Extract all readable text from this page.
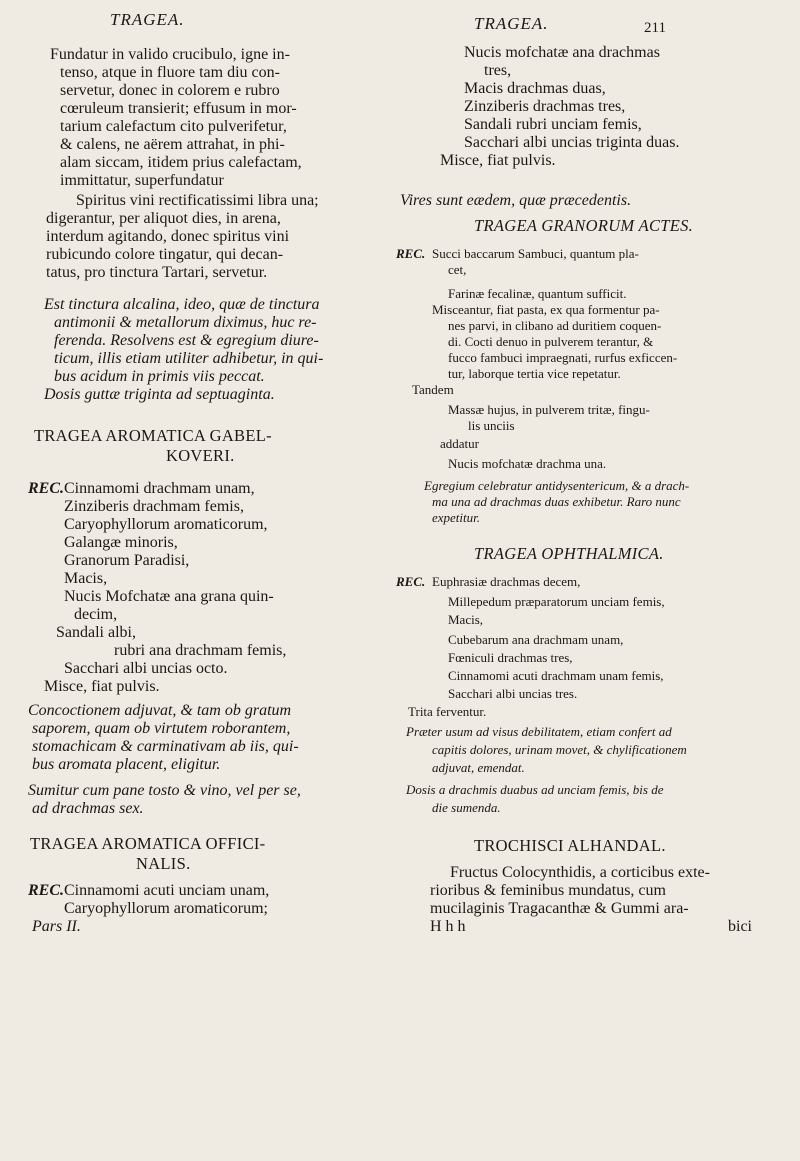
TRAGEA.
Fundatur in valido crucibulo, igne in-
tenso, atque in fluore tam diu con-
servetur, donec in colorem e rubro
cœruleum transierit; effusum in mor-
tarium calefactum cito pulverifetur,
& calens, ne aërem attrahat, in phi-
alam siccam, itidem prius calefactam,
immittatur, superfundatur
Spiritus vini rectificatissimi libra una;
digerantur, per aliquot dies, in arena,
interdum agitando, donec spiritus vini
rubicundo colore tingatur, qui decan-
tatus, pro tinctura Tartari, servetur.
Est tinctura alcalina, ideo, quæ de tinctura
antimonii & metallorum diximus, huc re-
ferenda. Resolvens est & egregium diure-
ticum, illis etiam utiliter adhibetur, in qui-
bus acidum in primis viis peccat.
Dosis guttæ triginta ad septuaginta.
TRAGEA AROMATICA GABEL-
KOVERI.
REC. Cinnamomi drachmam unam,
Zinziberis drachmam femis,
Caryophyllorum aromaticorum,
Galangæ minoris,
Granorum Paradisi,
Macis,
Nucis Mofchatæ ana grana quin-
decim,
Sandali albi,
rubri ana drachmam femis,
Sacchari albi uncias octo.
Misce, fiat pulvis.
Concoctionem adjuvat, & tam ob gratum
saporem, quam ob virtutem roborantem,
stomachicam & carminativam ab iis, qui-
bus aromata placent, eligitur.
Sumitur cum pane tosto & vino, vel per se,
ad drachmas sex.
TRAGEA AROMATICA OFFICI-
NALIS.
REC. Cinnamomi acuti unciam unam,
Caryophyllorum aromaticorum;
Pars II.
TRAGEA.	211
Nucis mofchatæ ana drachmas
tres,
Macis drachmas duas,
Zinziberis drachmas tres,
Sandali rubri unciam femis,
Sacchari albi uncias triginta duas.
Misce, fiat pulvis.
Vires sunt eædem, quæ præcedentis.
TRAGEA GRANORUM ACTES.
REC. Succi baccarum Sambuci, quantum pla-
cet,
Farinæ fecalinæ, quantum sufficit.
Misceantur, fiat pasta, ex qua formentur pa-
nes parvi, in clibano ad duritiem coquen-
di. Cocti denuo in pulverem terantur, &
fucco fambuci impraegnati, rurfus exficcen-
tur, laborque tertia vice repetatur.
Tandem
Massæ hujus, in pulverem tritæ, fingu-
lis unciis
addatur
Nucis mofchatæ drachma una.
Egregium celebratur antidysentericum, & a drach-
ma una ad drachmas duas exhibetur. Raro nunc
expetitur.
TRAGEA OPHTHALMICA.
REC. Euphrasiæ drachmas decem,
Millepedum præparatorum unciam femis,
Macis,
Cubebarum ana drachmam unam,
Fœniculi drachmas tres,
Cinnamomi acuti drachmam unam femis,
Sacchari albi uncias tres.
Trita ferventur.
Præter usum ad visus debilitatem, etiam confert ad
capitis dolores, urinam movet, & chylificationem
adjuvat, emendat.
Dosis a drachmis duabus ad unciam femis, bis de
die sumenda.
TROCHISCI ALHANDAL.
Fructus Colocynthidis, a corticibus exte-
rioribus & feminibus mundatus, cum
mucilaginis Tragacanthæ & Gummi ara-
H h h	bici
